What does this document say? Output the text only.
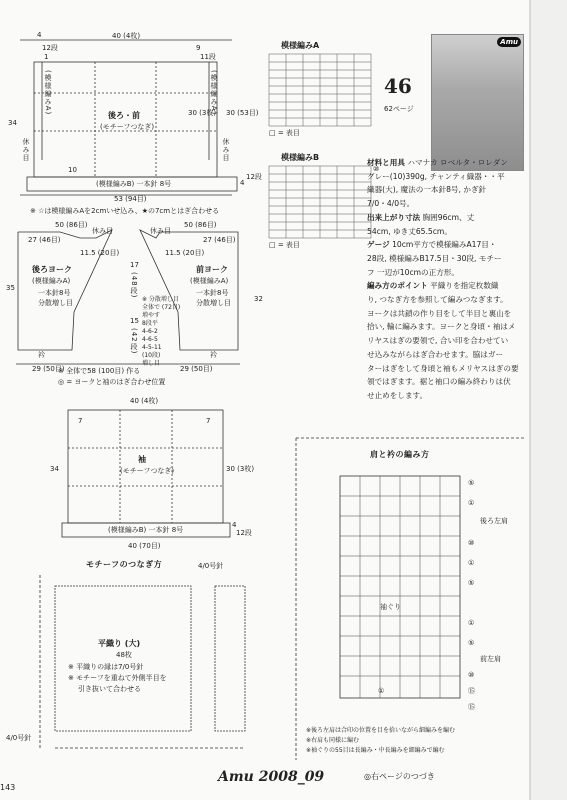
40 (4枚)
4
12段
1
9
11段
(模様編みA)	(模様編みA)
後ろ・前
(モチーフつなぎ)
34
30 (3枚) 30 (53目)
休み目	休み目
10
(模様編みB) 一本針 8号	4
12段
53 (94目)
※ ☆は模様編みAを2cmいせ込み、★の7cmとはぎ合わせる
50 (86目)
休み目
50 (86目)
休み目
27 (46目)
11.5 (20目)	11.5 (20目)
27 (46目)
後ろヨーク
(模様編みA)
一本針8号
分散増し目
前ヨーク
(模様編みA)
一本針8号
分散増し目
17
(48段)
15
(42段)
35
32
※ 分散増し目
全体で (72目)
増やす
8段平
4-6-2
4-6-5
4-5-11
(10段)
増し目
衿	衿
29 (50目)	29 (50目)
※ 全体で58 (100目) 作る
◎ = ヨークと袖のはぎ合わせ位置
40 (4枚)
7	7
袖
(モチーフつなぎ)
34	30 (3枚)
(模様編みB) 一本針 8号
4
12段
40 (70目)
モチーフのつなぎ方	4/0号針
平織り (大)
48枚
※ 平織りの縁は7/0号針
※ モチーフを重ねて外側半目を
引き抜いて合わせる
4/0号針
模様編みA
□ = 表目
模様編みB
⑩
□ = 表目
46
62ページ
Amu
材料と用具 ハマナカ ロベルタ・ロレダン
グレー(10)390g, チャンティ織器・・平
織器(大), 魔法の一本針8号, かぎ針
7/0・4/0号。
出来上がり寸法 胸囲96cm、丈
54cm, ゆき丈65.5cm。
ゲージ 10cm平方で模様編みA17目・
28段, 模様編みB17.5目・30段, モチー
フ 一辺が10cmの正方形。
編み方のポイント 平織りを指定枚数織
り, つなぎ方を参照して編みつなぎます。
ヨークは共鎖の作り目をして半目と裏山を
拾い, 輪に編みます。ヨークと身頃・袖はメ
リヤスはぎの要領で, 合い印を合わせてい
せ込みながらはぎ合わせます。脇はガー
ターはぎをして身頃と袖もメリヤスはぎの要
領ではぎます。裾と袖口の編み終わりは伏
せ止めをします。
肩と衿の編み方
後ろ左肩
袖ぐり
前左肩
⑤
①
⑩
①
⑤
①
⑤
⑩
⑮
①
⑮
※後ろ左肩は合印の位置を目を拾いながら細編みを編む
※右肩も同様に編む
※袖ぐりの55目は長編み・中長編みを細編みで編む
143
Amu 2008_09	◎右ページのつづき
